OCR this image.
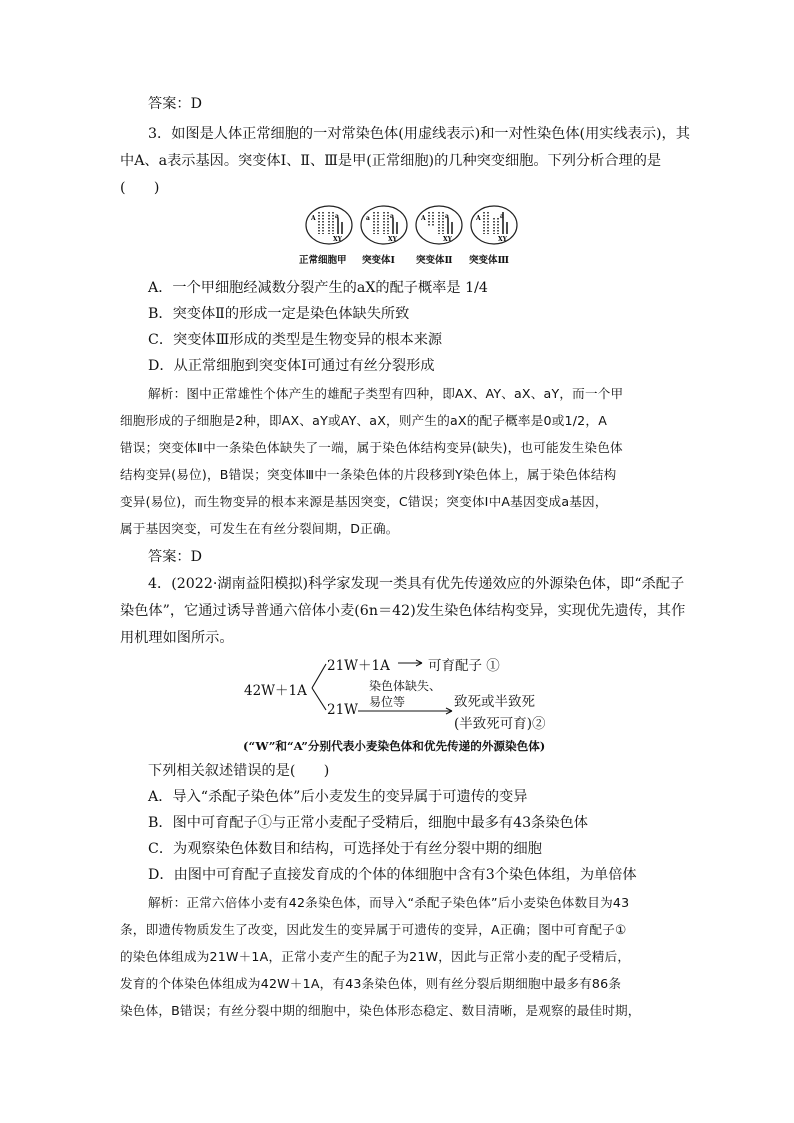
答案：D
3．如图是人体正常细胞的一对常染色体(用虚线表示)和一对性染色体(用实线表示)，其
中A、a表示基因。突变体Ⅰ、Ⅱ、Ⅲ是甲(正常细胞)的几种突变细胞。下列分析合理的是
(　　)
A	a
XY
a	a
XY
A	a
XY
A	a
XY
正常细胞甲 突变体Ⅰ 突变体Ⅱ 突变体Ⅲ
A．一个甲细胞经减数分裂产生的aX的配子概率是 1/4
B．突变体Ⅱ的形成一定是染色体缺失所致
C．突变体Ⅲ形成的类型是生物变异的根本来源
D．从正常细胞到突变体Ⅰ可通过有丝分裂形成
解析：图中正常雄性个体产生的雄配子类型有四种，即AX、AY、aX、aY，而一个甲
细胞形成的子细胞是2种，即AX、aY或AY、aX，则产生的aX的配子概率是0或1/2，A
错误；突变体Ⅱ中一条染色体缺失了一端，属于染色体结构变异(缺失)，也可能发生染色体
结构变异(易位)，B错误；突变体Ⅲ中一条染色体的片段移到Y染色体上，属于染色体结构
变异(易位)，而生物变异的根本来源是基因突变，C错误；突变体Ⅰ中A基因变成a基因，
属于基因突变，可发生在有丝分裂间期，D正确。
答案：D
4．(2022·湖南益阳模拟)科学家发现一类具有优先传递效应的外源染色体，即“杀配子
染色体”，它通过诱导普通六倍体小麦(6n＝42)发生染色体结构变异，实现优先遗传，其作
用机理如图所示。
42W＋1A
21W＋1A	可育配子 ①
染色体缺失、
易位等
21W	致死或半致死
(半致死可育)②
(“W”和“A”分别代表小麦染色体和优先传递的外源染色体)
下列相关叙述错误的是(　　)
A．导入“杀配子染色体”后小麦发生的变异属于可遗传的变异
B．图中可育配子①与正常小麦配子受精后，细胞中最多有43条染色体
C．为观察染色体数目和结构，可选择处于有丝分裂中期的细胞
D．由图中可育配子直接发育成的个体的体细胞中含有3个染色体组，为单倍体
解析：正常六倍体小麦有42条染色体，而导入“杀配子染色体”后小麦染色体数目为43
条，即遗传物质发生了改变，因此发生的变异属于可遗传的变异，A正确；图中可育配子①
的染色体组成为21W＋1A，正常小麦产生的配子为21W，因此与正常小麦的配子受精后，
发育的个体染色体组成为42W＋1A，有43条染色体，则有丝分裂后期细胞中最多有86条
染色体，B错误；有丝分裂中期的细胞中，染色体形态稳定、数目清晰，是观察的最佳时期，
